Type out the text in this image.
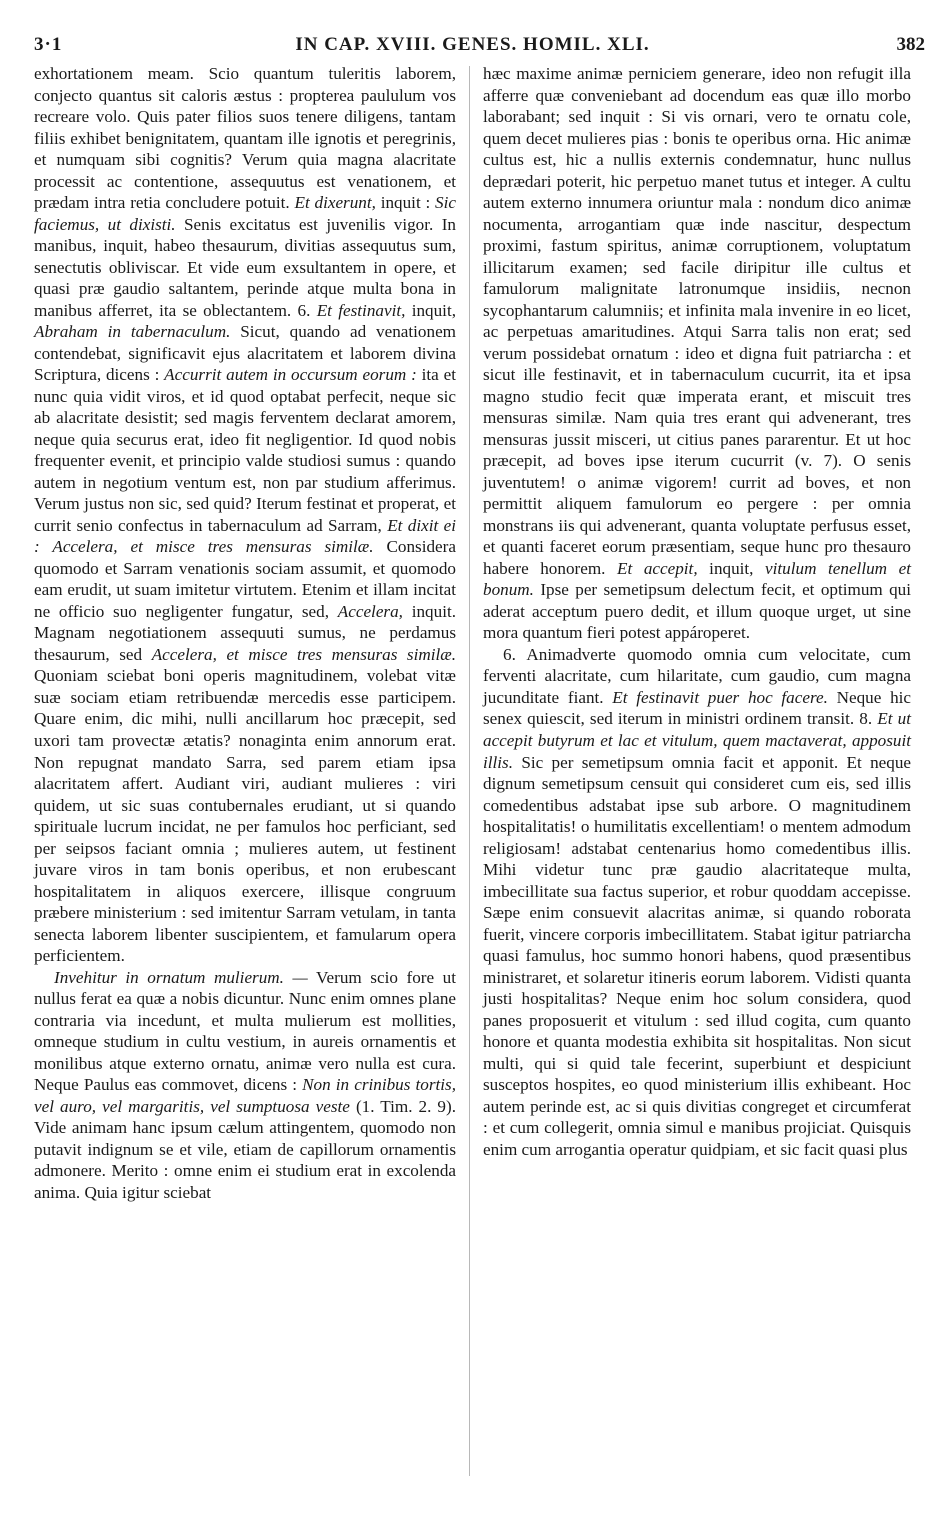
3·1	IN CAP. XVIII. GENES. HOMIL. XLI.	382

exhortationem meam. Scio quantum tuleritis laborem, conjecto quantus sit caloris æstus : propterea paululum vos recreare volo. Quis pater filios suos tenere diligens, tantam filiis exhibet benignitatem, quantam ille ignotis et peregrinis, et numquam sibi cognitis? Verum quia magna alacritate processit ac contentione, assequutus est venationem, et prædam intra retia concludere potuit. Et dixerunt, inquit : Sic faciemus, ut dixisti. Senis excitatus est juvenilis vigor. In manibus, inquit, habeo thesaurum, divitias assequutus sum, senectutis obliviscar. Et vide eum exsultantem in opere, et quasi præ gaudio saltantem, perinde atque multa bona in manibus afferret, ita se oblectantem. 6. Et festinavit, inquit, Abraham in tabernaculum. Sicut, quando ad venationem contendebat, significavit ejus alacritatem et laborem divina Scriptura, dicens : Accurrit autem in occursum eorum : ita et nunc quia vidit viros, et id quod optabat perfecit, neque sic ab alacritate desistit; sed magis ferventem declarat amorem, neque quia securus erat, ideo fit negligentior. Id quod nobis frequenter evenit, et principio valde studiosi sumus : quando autem in negotium ventum est, non par studium afferimus. Verum justus non sic, sed quid? Iterum festinat et properat, et currit senio confectus in tabernaculum ad Sarram, Et dixit ei : Accelera, et misce tres mensuras similæ. Considera quomodo et Sarram venationis sociam assumit, et quomodo eam erudit, ut suam imitetur virtutem. Etenim et illam incitat ne officio suo negligenter fungatur, sed, Accelera, inquit. Magnam negotiationem assequuti sumus, ne perdamus thesaurum, sed Accelera, et misce tres mensuras similæ. Quoniam sciebat boni operis magnitudinem, volebat vitæ suæ sociam etiam retribuendæ mercedis esse participem. Quare enim, dic mihi, nulli ancillarum hoc præcepit, sed uxori tam provectæ ætatis? nonaginta enim annorum erat. Non repugnat mandato Sarra, sed parem etiam ipsa alacritatem affert. Audiant viri, audiant mulieres : viri quidem, ut sic suas contubernales erudiant, ut si quando spirituale lucrum incidat, ne per famulos hoc perficiant, sed per seipsos faciant omnia ; mulieres autem, ut festinent juvare viros in tam bonis operibus, et non erubescant hospitalitatem in aliquos exercere, illisque congruum præbere ministerium : sed imitentur Sarram vetulam, in tanta senecta laborem libenter suscipientem, et famularum opera perficientem.

Invehitur in ornatum mulierum. — Verum scio fore ut nullus ferat ea quæ a nobis dicuntur. Nunc enim omnes plane contraria via incedunt, et multa mulierum est mollities, omneque studium in cultu vestium, in aureis ornamentis et monilibus atque externo ornatu, animæ vero nulla est cura. Neque Paulus eas commovet, dicens : Non in crinibus tortis, vel auro, vel margaritis, vel sumptuosa veste (1. Tim. 2. 9). Vide animam hanc ipsum cælum attingentem, quomodo non putavit indignum se et vile, etiam de capillorum ornamentis admonere. Merito : omne enim ei studium erat in excolenda anima. Quia igitur sciebat

hæc maxime animæ perniciem generare, ideo non refugit illa afferre quæ conveniebant ad docendum eas quæ illo morbo laborabant; sed inquit : Si vis ornari, vero te ornatu cole, quem decet mulieres pias : bonis te operibus orna. Hic animæ cultus est, hic a nullis externis condemnatur, hunc nullus deprædari poterit, hic perpetuo manet tutus et integer. A cultu autem externo innumera oriuntur mala : nondum dico animæ nocumenta, arrogantiam quæ inde nascitur, despectum proximi, fastum spiritus, animæ corruptionem, voluptatum illicitarum examen; sed facile diripitur ille cultus et famulorum malignitate latronumque insidiis, necnon sycophantarum calumniis; et infinita mala invenire in eo licet, ac perpetuas amaritudines. Atqui Sarra talis non erat; sed verum possidebat ornatum : ideo et digna fuit patriarcha : et sicut ille festinavit, et in tabernaculum cucurrit, ita et ipsa magno studio fecit quæ imperata erant, et miscuit tres mensuras similæ. Nam quia tres erant qui advenerant, tres mensuras jussit misceri, ut citius panes pararentur. Et ut hoc præcepit, ad boves ipse iterum cucurrit (v. 7). O senis juventutem! o animæ vigorem! currit ad boves, et non permittit aliquem famulorum eo pergere : per omnia monstrans iis qui advenerant, quanta voluptate perfusus esset, et quanti faceret eorum præsentiam, seque hunc pro thesauro habere honorem. Et accepit, inquit, vitulum tenellum et bonum. Ipse per semetipsum delectum fecit, et optimum qui aderat acceptum puero dedit, et illum quoque urget, ut sine mora quantum fieri potest appároperet.

6. Animadverte quomodo omnia cum velocitate, cum ferventi alacritate, cum hilaritate, cum gaudio, cum magna jucunditate fiant. Et festinavit puer hoc facere. Neque hic senex quiescit, sed iterum in ministri ordinem transit. 8. Et ut accepit butyrum et lac et vitulum, quem mactaverat, apposuit illis. Sic per semetipsum omnia facit et apponit. Et neque dignum semetipsum censuit qui consideret cum eis, sed illis comedentibus adstabat ipse sub arbore. O magnitudinem hospitalitatis! o humilitatis excellentiam! o mentem admodum religiosam! adstabat centenarius homo comedentibus illis. Mihi videtur tunc præ gaudio alacritateque multa, imbecillitate sua factus superior, et robur quoddam accepisse. Sæpe enim consuevit alacritas animæ, si quando roborata fuerit, vincere corporis imbecillitatem. Stabat igitur patriarcha quasi famulus, hoc summo honori habens, quod præsentibus ministraret, et solaretur itineris eorum laborem. Vidisti quanta justi hospitalitas? Neque enim hoc solum considera, quod panes proposuerit et vitulum : sed illud cogita, cum quanto honore et quanta modestia exhibita sit hospitalitas. Non sicut multi, qui si quid tale fecerint, superbiunt et despiciunt susceptos hospites, eo quod ministerium illis exhibeant. Hoc autem perinde est, ac si quis divitias congreget et circumferat : et cum collegerit, omnia simul e manibus projiciat. Quisquis enim cum arrogantia operatur quidpiam, et sic facit quasi plus
